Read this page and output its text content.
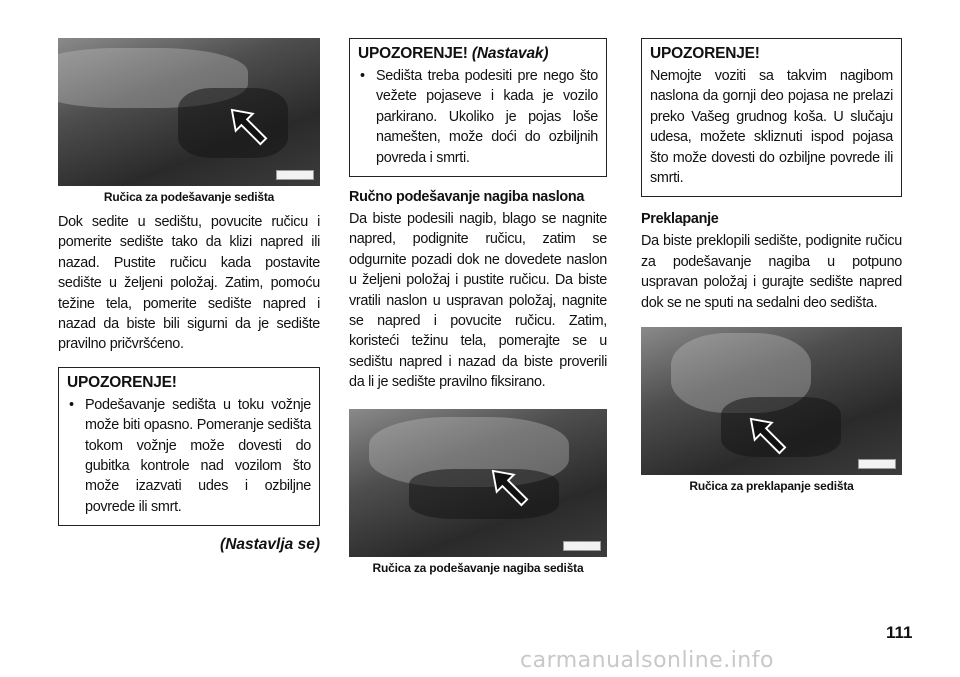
Ručica za podešavanje sedišta
Dok sedite u sedištu, povucite ručicu i pomerite sedište tako da klizi napred ili nazad. Pustite ručicu kada postavite sedište u željeni položaj. Zatim, pomoću težine tela, pomerite sedište napred i nazad da biste bili sigurni da je sedište pravilno pričvršćeno.
UPOZORENJE!
• Podešavanje sedišta u toku vožnje može biti opasno. Pomeranje sedišta tokom vožnje može dovesti do gubitka kontrole nad vozilom što može izazvati udes i ozbiljne povrede ili smrt.
(Nastavlja se)
UPOZORENJE! (Nastavak)
• Sedišta treba podesiti pre nego što vežete pojaseve i kada je vozilo parkirano. Ukoliko je pojas loše namešten, može doći do ozbiljnih povreda i smrti.
Ručno podešavanje nagiba naslona
Da biste podesili nagib, blago se nagnite napred, podignite ručicu, zatim se odgurnite pozadi dok ne dovedete naslon u željeni položaj i pustite ručicu. Da biste vratili naslon u uspravan položaj, nagnite se napred i povucite ručicu. Zatim, koristeći težinu tela, pomerajte se u sedištu napred i nazad da biste proverili da li je sedište pravilno fiksirano.
Ručica za podešavanje nagiba sedišta
UPOZORENJE!
Nemojte voziti sa takvim nagibom naslona da gornji deo pojasa ne prelazi preko Vašeg grudnog koša. U slučaju udesa, možete skliznuti ispod pojasa što može dovesti do ozbiljne povrede ili smrti.
Preklapanje
Da biste preklopili sedište, podignite ručicu za podešavanje nagiba u potpuno uspravan položaj i gurajte sedište napred dok se ne sputi na sedalni deo sedišta.
Ručica za preklapanje sedišta
111
carmanualsonline.info
